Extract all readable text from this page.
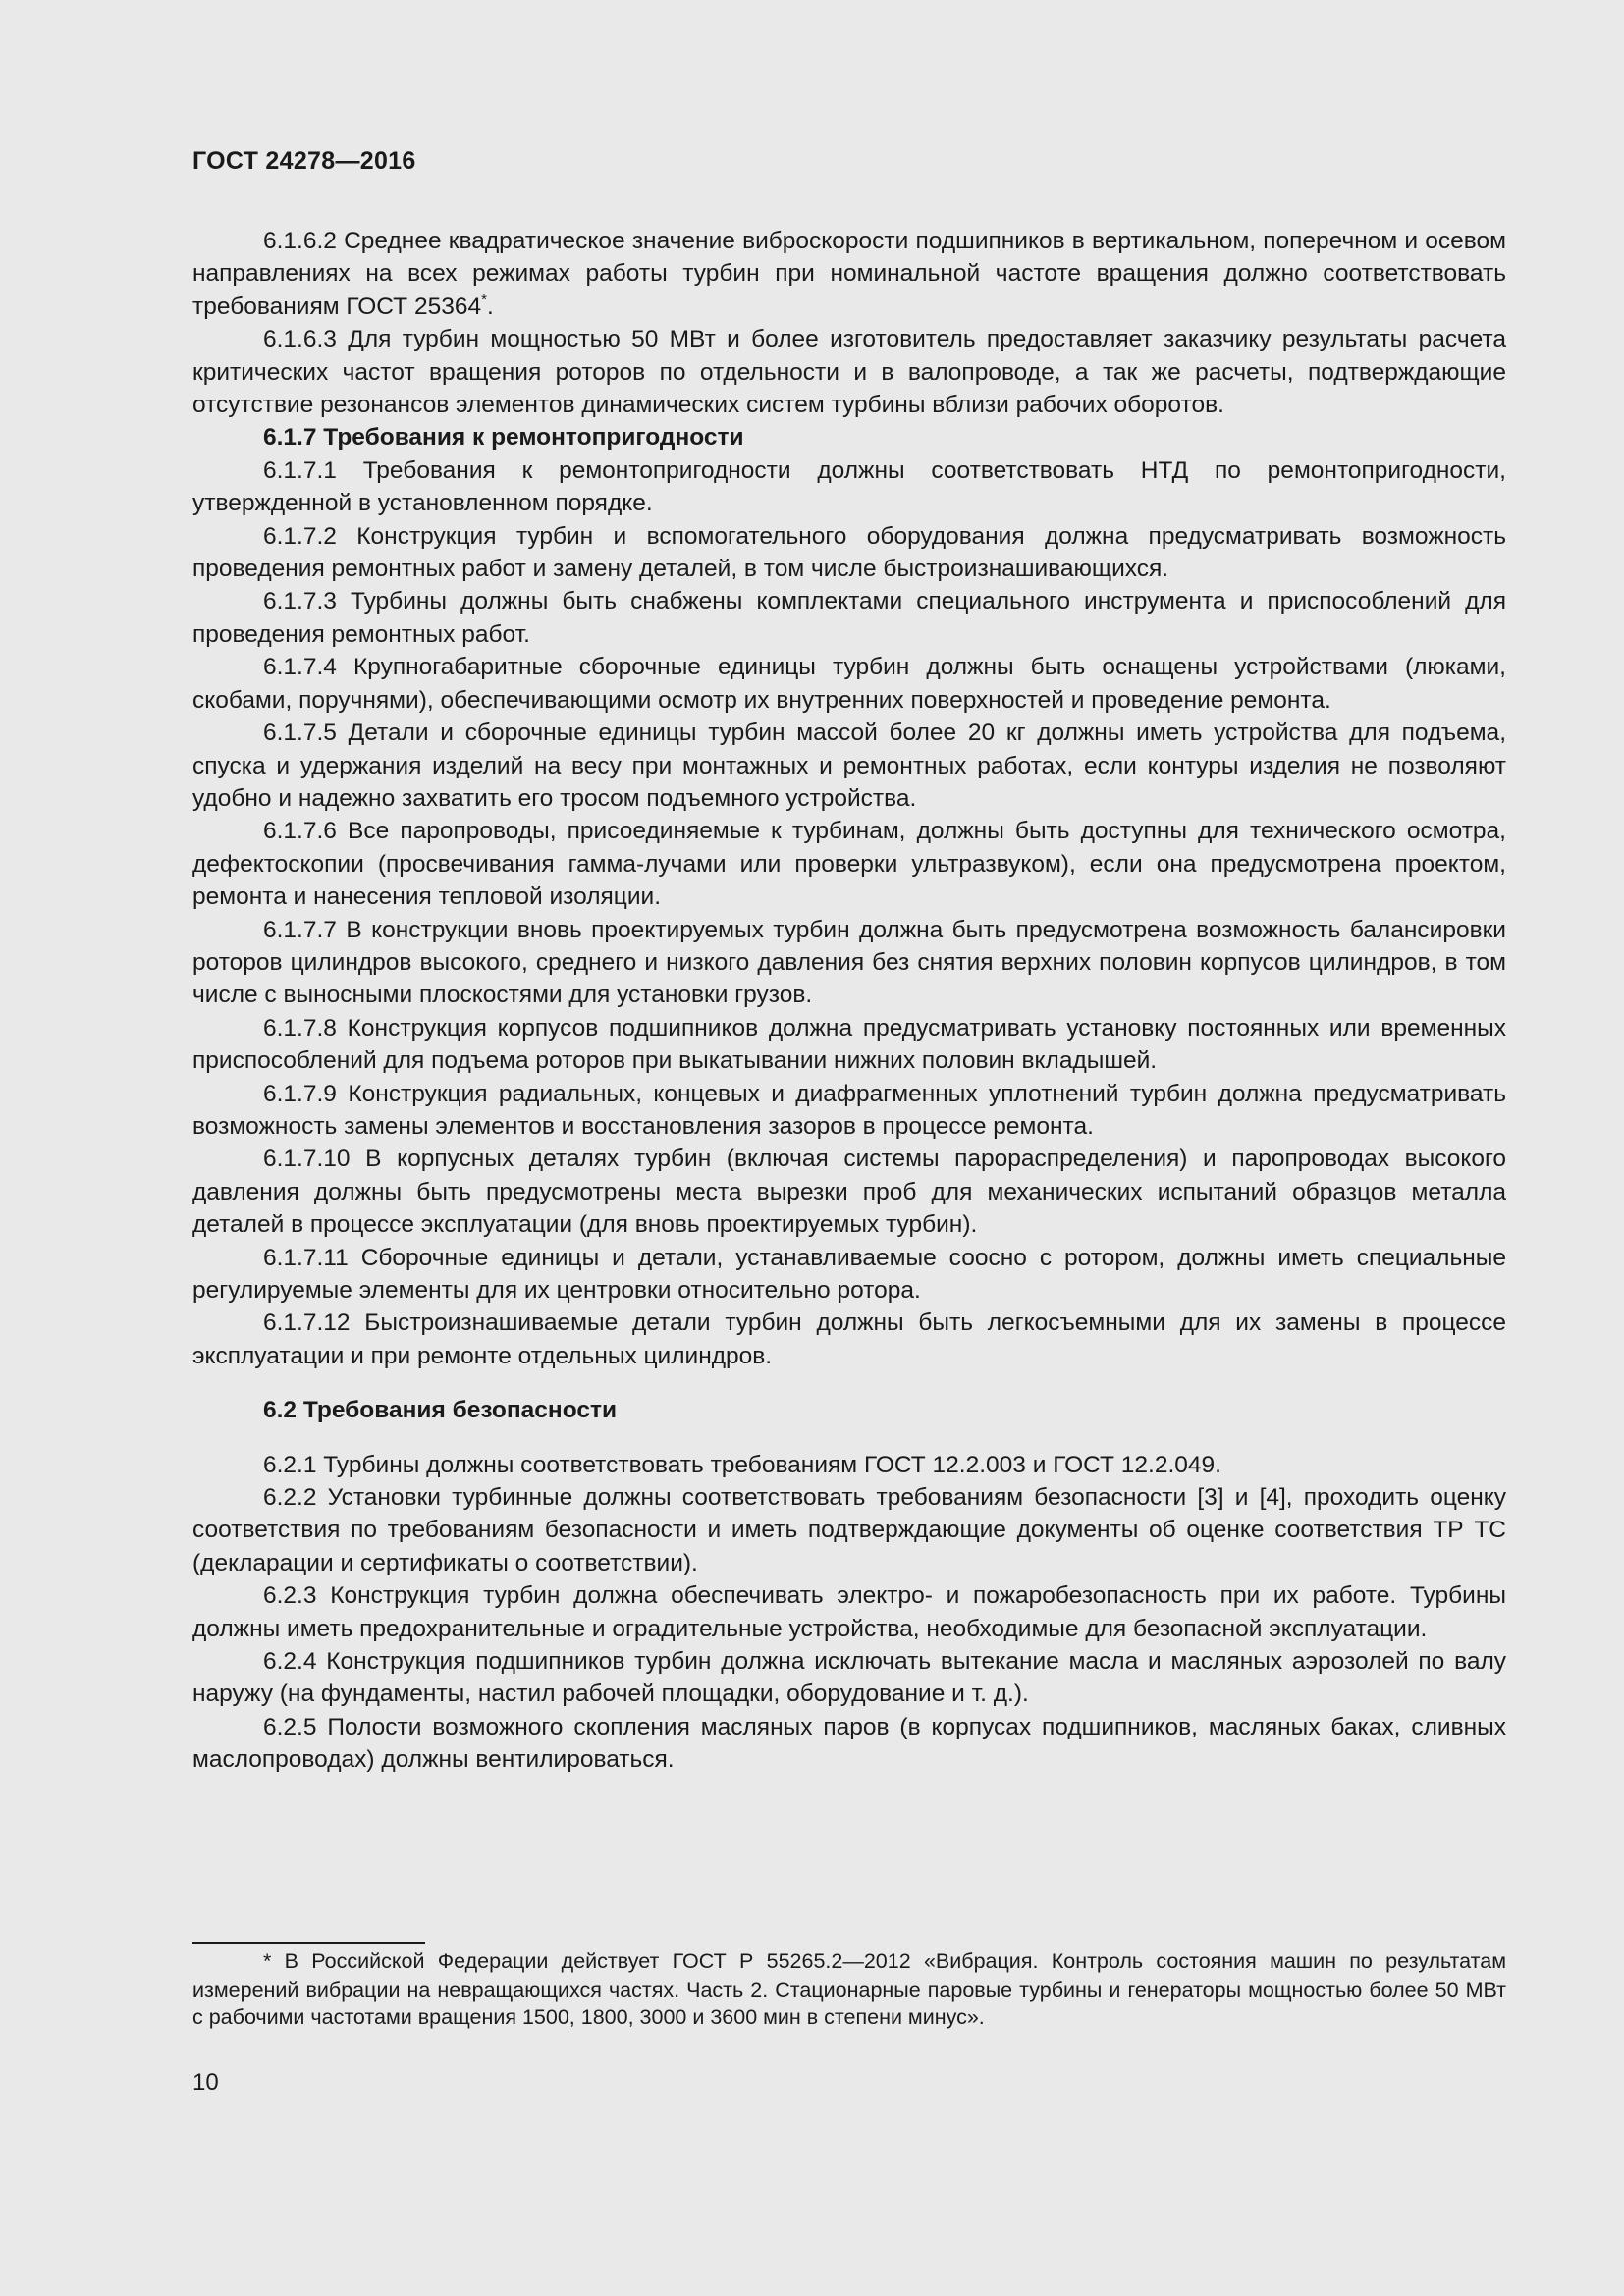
ГОСТ 24278—2016

6.1.6.2 Среднее квадратическое значение виброскорости подшипников в вертикальном, поперечном и осевом направлениях на всех режимах работы турбин при номинальной частоте вращения должно соответствовать требованиям ГОСТ 25364*.

6.1.6.3 Для турбин мощностью 50 МВт и более изготовитель предоставляет заказчику результаты расчета критических частот вращения роторов по отдельности и в валопроводе, а так же расчеты, подтверждающие отсутствие резонансов элементов динамических систем турбины вблизи рабочих оборотов.

6.1.7 Требования к ремонтопригодности

6.1.7.1 Требования к ремонтопригодности должны соответствовать НТД по ремонтопригодности, утвержденной в установленном порядке.

6.1.7.2 Конструкция турбин и вспомогательного оборудования должна предусматривать возможность проведения ремонтных работ и замену деталей, в том числе быстроизнашивающихся.

6.1.7.3 Турбины должны быть снабжены комплектами специального инструмента и приспособлений для проведения ремонтных работ.

6.1.7.4 Крупногабаритные сборочные единицы турбин должны быть оснащены устройствами (люками, скобами, поручнями), обеспечивающими осмотр их внутренних поверхностей и проведение ремонта.

6.1.7.5 Детали и сборочные единицы турбин массой более 20 кг должны иметь устройства для подъема, спуска и удержания изделий на весу при монтажных и ремонтных работах, если контуры изделия не позволяют удобно и надежно захватить его тросом подъемного устройства.

6.1.7.6 Все паропроводы, присоединяемые к турбинам, должны быть доступны для технического осмотра, дефектоскопии (просвечивания гамма-лучами или проверки ультразвуком), если она предусмотрена проектом, ремонта и нанесения тепловой изоляции.

6.1.7.7 В конструкции вновь проектируемых турбин должна быть предусмотрена возможность балансировки роторов цилиндров высокого, среднего и низкого давления без снятия верхних половин корпусов цилиндров, в том числе с выносными плоскостями для установки грузов.

6.1.7.8 Конструкция корпусов подшипников должна предусматривать установку постоянных или временных приспособлений для подъема роторов при выкатывании нижних половин вкладышей.

6.1.7.9 Конструкция радиальных, концевых и диафрагменных уплотнений турбин должна предусматривать возможность замены элементов и восстановления зазоров в процессе ремонта.

6.1.7.10 В корпусных деталях турбин (включая системы парораспределения) и паропроводах высокого давления должны быть предусмотрены места вырезки проб для механических испытаний образцов металла деталей в процессе эксплуатации (для вновь проектируемых турбин).

6.1.7.11 Сборочные единицы и детали, устанавливаемые соосно с ротором, должны иметь специальные регулируемые элементы для их центровки относительно ротора.

6.1.7.12 Быстроизнашиваемые детали турбин должны быть легкосъемными для их замены в процессе эксплуатации и при ремонте отдельных цилиндров.

6.2 Требования безопасности

6.2.1 Турбины должны соответствовать требованиям ГОСТ 12.2.003 и ГОСТ 12.2.049.

6.2.2 Установки турбинные должны соответствовать требованиям безопасности [3] и [4], проходить оценку соответствия по требованиям безопасности и иметь подтверждающие документы об оценке соответствия ТР ТС (декларации и сертификаты о соответствии).

6.2.3 Конструкция турбин должна обеспечивать электро- и пожаробезопасность при их работе. Турбины должны иметь предохранительные и оградительные устройства, необходимые для безопасной эксплуатации.

6.2.4 Конструкция подшипников турбин должна исключать вытекание масла и масляных аэрозолей по валу наружу (на фундаменты, настил рабочей площадки, оборудование и т. д.).

6.2.5 Полости возможного скопления масляных паров (в корпусах подшипников, масляных баках, сливных маслопроводах) должны вентилироваться.

* В Российской Федерации действует ГОСТ Р 55265.2—2012 «Вибрация. Контроль состояния машин по результатам измерений вибрации на невращающихся частях. Часть 2. Стационарные паровые турбины и генераторы мощностью более 50 МВт с рабочими частотами вращения 1500, 1800, 3000 и 3600 мин в степени минус».

10
